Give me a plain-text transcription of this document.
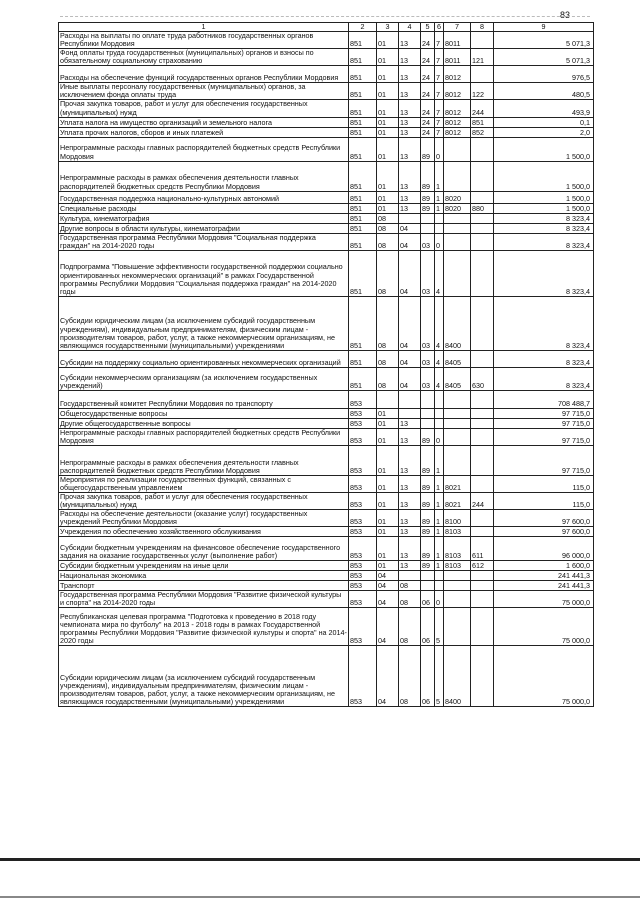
83
1	2	3	4	5	6	7	8	9
Расходы на выплаты по оплате труда работников государственных органов Республики Мордовия	851	01	13	24	7	8011		5 071,3
Фонд оплаты труда государственных (муниципальных) органов и взносы по обязательному социальному страхованию	851	01	13	24	7	8011	121	5 071,3
Расходы на обеспечение функций государственных органов Республики Мордовия	851	01	13	24	7	8012		976,5
Иные выплаты персоналу государственных (муниципальных) органов, за исключением фонда оплаты труда	851	01	13	24	7	8012	122	480,5
Прочая закупка товаров, работ и услуг для обеспечения государственных (муниципальных) нужд	851	01	13	24	7	8012	244	493,9
Уплата налога на имущество организаций и земельного налога	851	01	13	24	7	8012	851	0,1
Уплата прочих налогов, сборов и иных платежей	851	01	13	24	7	8012	852	2,0
Непрограммные расходы главных распорядителей бюджетных средств Республики Мордовия	851	01	13	89	0			1 500,0
Непрограммные расходы в рамках обеспечения деятельности главных распорядителей бюджетных средств Республики Мордовия	851	01	13	89	1			1 500,0
Государственная поддержка национально-культурных автономий	851	01	13	89	1	8020		1 500,0
Специальные расходы	851	01	13	89	1	8020	880	1 500,0
Культура, кинематография	851	08						8 323,4
Другие вопросы в области культуры, кинематографии	851	08	04					8 323,4
Государственная программа Республики Мордовия "Социальная поддержка граждан" на 2014-2020 годы	851	08	04	03	0			8 323,4
Подпрограмма "Повышение эффективности государственной поддержки социально ориентированных некоммерческих организаций" в рамках Государственной программы Республики Мордовия "Социальная поддержка граждан" на 2014-2020 годы	851	08	04	03	4			8 323,4
Субсидии юридическим лицам (за исключением субсидий государственным учреждениям), индивидуальным предпринимателям, физическим лицам - производителям товаров, работ, услуг, а также некоммерческим организациям, не являющимся государственными (муниципальными) учреждениями	851	08	04	03	4	8400		8 323,4
Субсидии на поддержку социально ориентированных некоммерческих организаций	851	08	04	03	4	8405		8 323,4
Субсидии некоммерческим организациям (за исключением государственных учреждений)	851	08	04	03	4	8405	630	8 323,4
Государственный комитет Республики Мордовия по транспорту	853							708 488,7
Общегосударственные вопросы	853	01						97 715,0
Другие общегосударственные вопросы	853	01	13					97 715,0
Непрограммные расходы главных распорядителей бюджетных средств Республики Мордовия	853	01	13	89	0			97 715,0
Непрограммные расходы в рамках обеспечения деятельности главных распорядителей бюджетных средств Республики Мордовия	853	01	13	89	1			97 715,0
Мероприятия по реализации государственных функций, связанных с общегосударственным управлением	853	01	13	89	1	8021		115,0
Прочая закупка товаров, работ и услуг для обеспечения государственных (муниципальных) нужд	853	01	13	89	1	8021	244	115,0
Расходы на обеспечение деятельности (оказание услуг) государственных учреждений Республики Мордовия	853	01	13	89	1	8100		97 600,0
Учреждения по обеспечению хозяйственного обслуживания	853	01	13	89	1	8103		97 600,0
Субсидии бюджетным учреждениям на финансовое обеспечение государственного задания на оказание государственных услуг (выполнение работ)	853	01	13	89	1	8103	611	96 000,0
Субсидии бюджетным учреждениям на иные цели	853	01	13	89	1	8103	612	1 600,0
Национальная экономика	853	04						241 441,3
Транспорт	853	04	08					241 441,3
Государственная программа Республики Мордовия "Развитие физической культуры и спорта" на 2014-2020 годы	853	04	08	06	0			75 000,0
Республиканская целевая программа "Подготовка к проведению в 2018 году чемпионата мира по футболу" на 2013 - 2018 годы в рамках Государственной программы Республики Мордовия "Развитие физической культуры и спорта" на 2014-2020 годы	853	04	08	06	5			75 000,0
Субсидии юридическим лицам (за исключением субсидий государственным учреждениям), индивидуальным предпринимателям, физическим лицам - производителям товаров, работ, услуг, а также некоммерческим организациям, не являющимся государственными (муниципальными) учреждениями	853	04	08	06	5	8400		75 000,0
